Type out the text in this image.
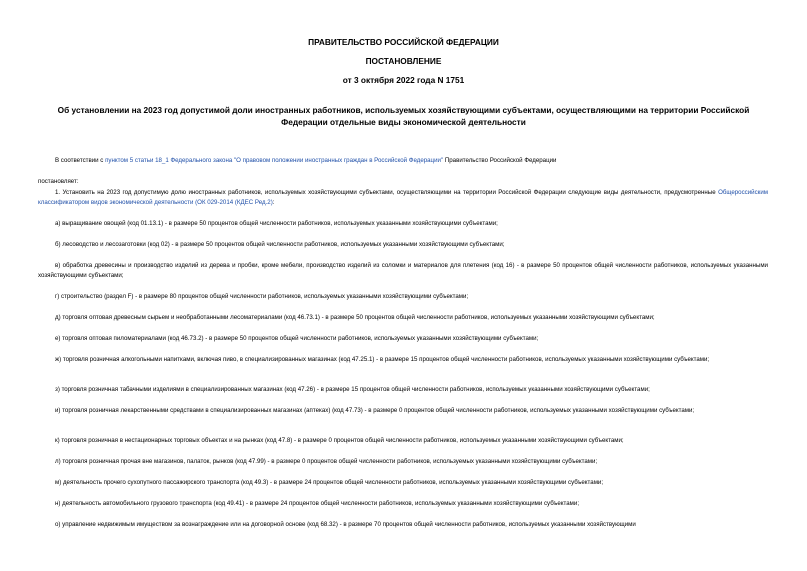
ПРАВИТЕЛЬСТВО РОССИЙСКОЙ ФЕДЕРАЦИИ
ПОСТАНОВЛЕНИЕ
от 3 октября 2022 года N 1751
Об установлении на 2023 год допустимой доли иностранных работников, используемых хозяйствующими субъектами, осуществляющими на территории Российской Федерации отдельные виды экономической деятельности
В соответствии с пунктом 5 статьи 18_1 Федерального закона "О правовом положении иностранных граждан в Российской Федерации" Правительство Российской Федерации
постановляет:
1. Установить на 2023 год допустимую долю иностранных работников, используемых хозяйствующими субъектами, осуществляющими на территории Российской Федерации следующие виды деятельности, предусмотренные Общероссийским классификатором видов экономической деятельности (ОК 029-2014 (КДЕС Ред.2):
а) выращивание овощей (код 01.13.1) - в размере 50 процентов общей численности работников, используемых указанными хозяйствующими субъектами;
б) лесоводство и лесозаготовки (код 02) - в размере 50 процентов общей численности работников, используемых указанными хозяйствующими субъектами;
в) обработка древесины и производство изделий из дерева и пробки, кроме мебели, производство изделий из соломки и материалов для плетения (код 16) - в размере 50 процентов общей численности работников, используемых указанными хозяйствующими субъектами;
г) строительство (раздел F) - в размере 80 процентов общей численности работников, используемых указанными хозяйствующими субъектами;
д) торговля оптовая древесным сырьем и необработанными лесоматериалами (код 46.73.1) - в размере 50 процентов общей численности работников, используемых указанными хозяйствующими субъектами;
е) торговля оптовая пиломатериалами (код 46.73.2) - в размере 50 процентов общей численности работников, используемых указанными хозяйствующими субъектами;
ж) торговля розничная алкогольными напитками, включая пиво, в специализированных магазинах (код 47.25.1) - в размере 15 процентов общей численности работников, используемых указанными хозяйствующими субъектами;
з) торговля розничная табачными изделиями в специализированных магазинах (код 47.26) - в размере 15 процентов общей численности работников, используемых указанными хозяйствующими субъектами;
и) торговля розничная лекарственными средствами в специализированных магазинах (аптеках) (код 47.73) - в размере 0 процентов общей численности работников, используемых указанными хозяйствующими субъектами;
к) торговля розничная в нестационарных торговых объектах и на рынках (код 47.8) - в размере 0 процентов общей численности работников, используемых указанными хозяйствующими субъектами;
л) торговля розничная прочая вне магазинов, палаток, рынков (код 47.99) - в размере 0 процентов общей численности работников, используемых указанными хозяйствующими субъектами;
м) деятельность прочего сухопутного пассажирского транспорта (код 49.3) - в размере 24 процентов общей численности работников, используемых указанными хозяйствующими субъектами;
н) деятельность автомобильного грузового транспорта (код 49.41) - в размере 24 процентов общей численности работников, используемых указанными хозяйствующими субъектами;
о) управление недвижимым имуществом за вознаграждение или на договорной основе (код 68.32) - в размере 70 процентов общей численности работников, используемых указанными хозяйствующими
